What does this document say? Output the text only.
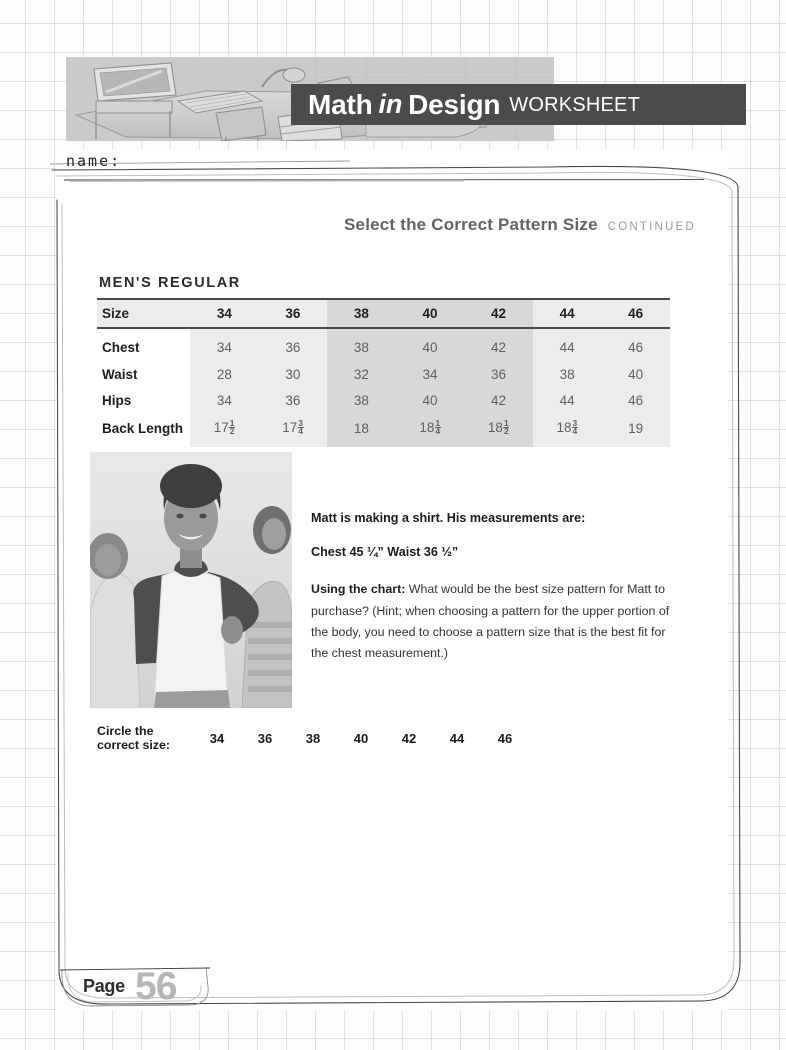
Math in Design WORKSHEET
name:
Select the Correct Pattern Size CONTINUED
MEN'S REGULAR
Size	34	36	38	40	42	44	46
Chest	34	36	38	40	42	44	46
Waist	28	30	32	34	36	38	40
Hips	34	36	38	40	42	44	46
Back Length	$17 \frac{1}{2}$	$17 \frac{3}{4}$	18	$18 \frac{1}{4}$	$18 \frac{1}{2}$	$18 \frac{3}{4}$	19
Matt is making a shirt. His measurements are:
Chest 45 ¼” Waist 36 ½”

Using the chart: What would be the best size pattern for Matt to purchase? (Hint; when choosing a pattern for the upper portion of the body, you need to choose a pattern size that is the best fit for the chest measurement.)

Circle the
correct size:	34	36	38	40	42	44	46
Page 56
